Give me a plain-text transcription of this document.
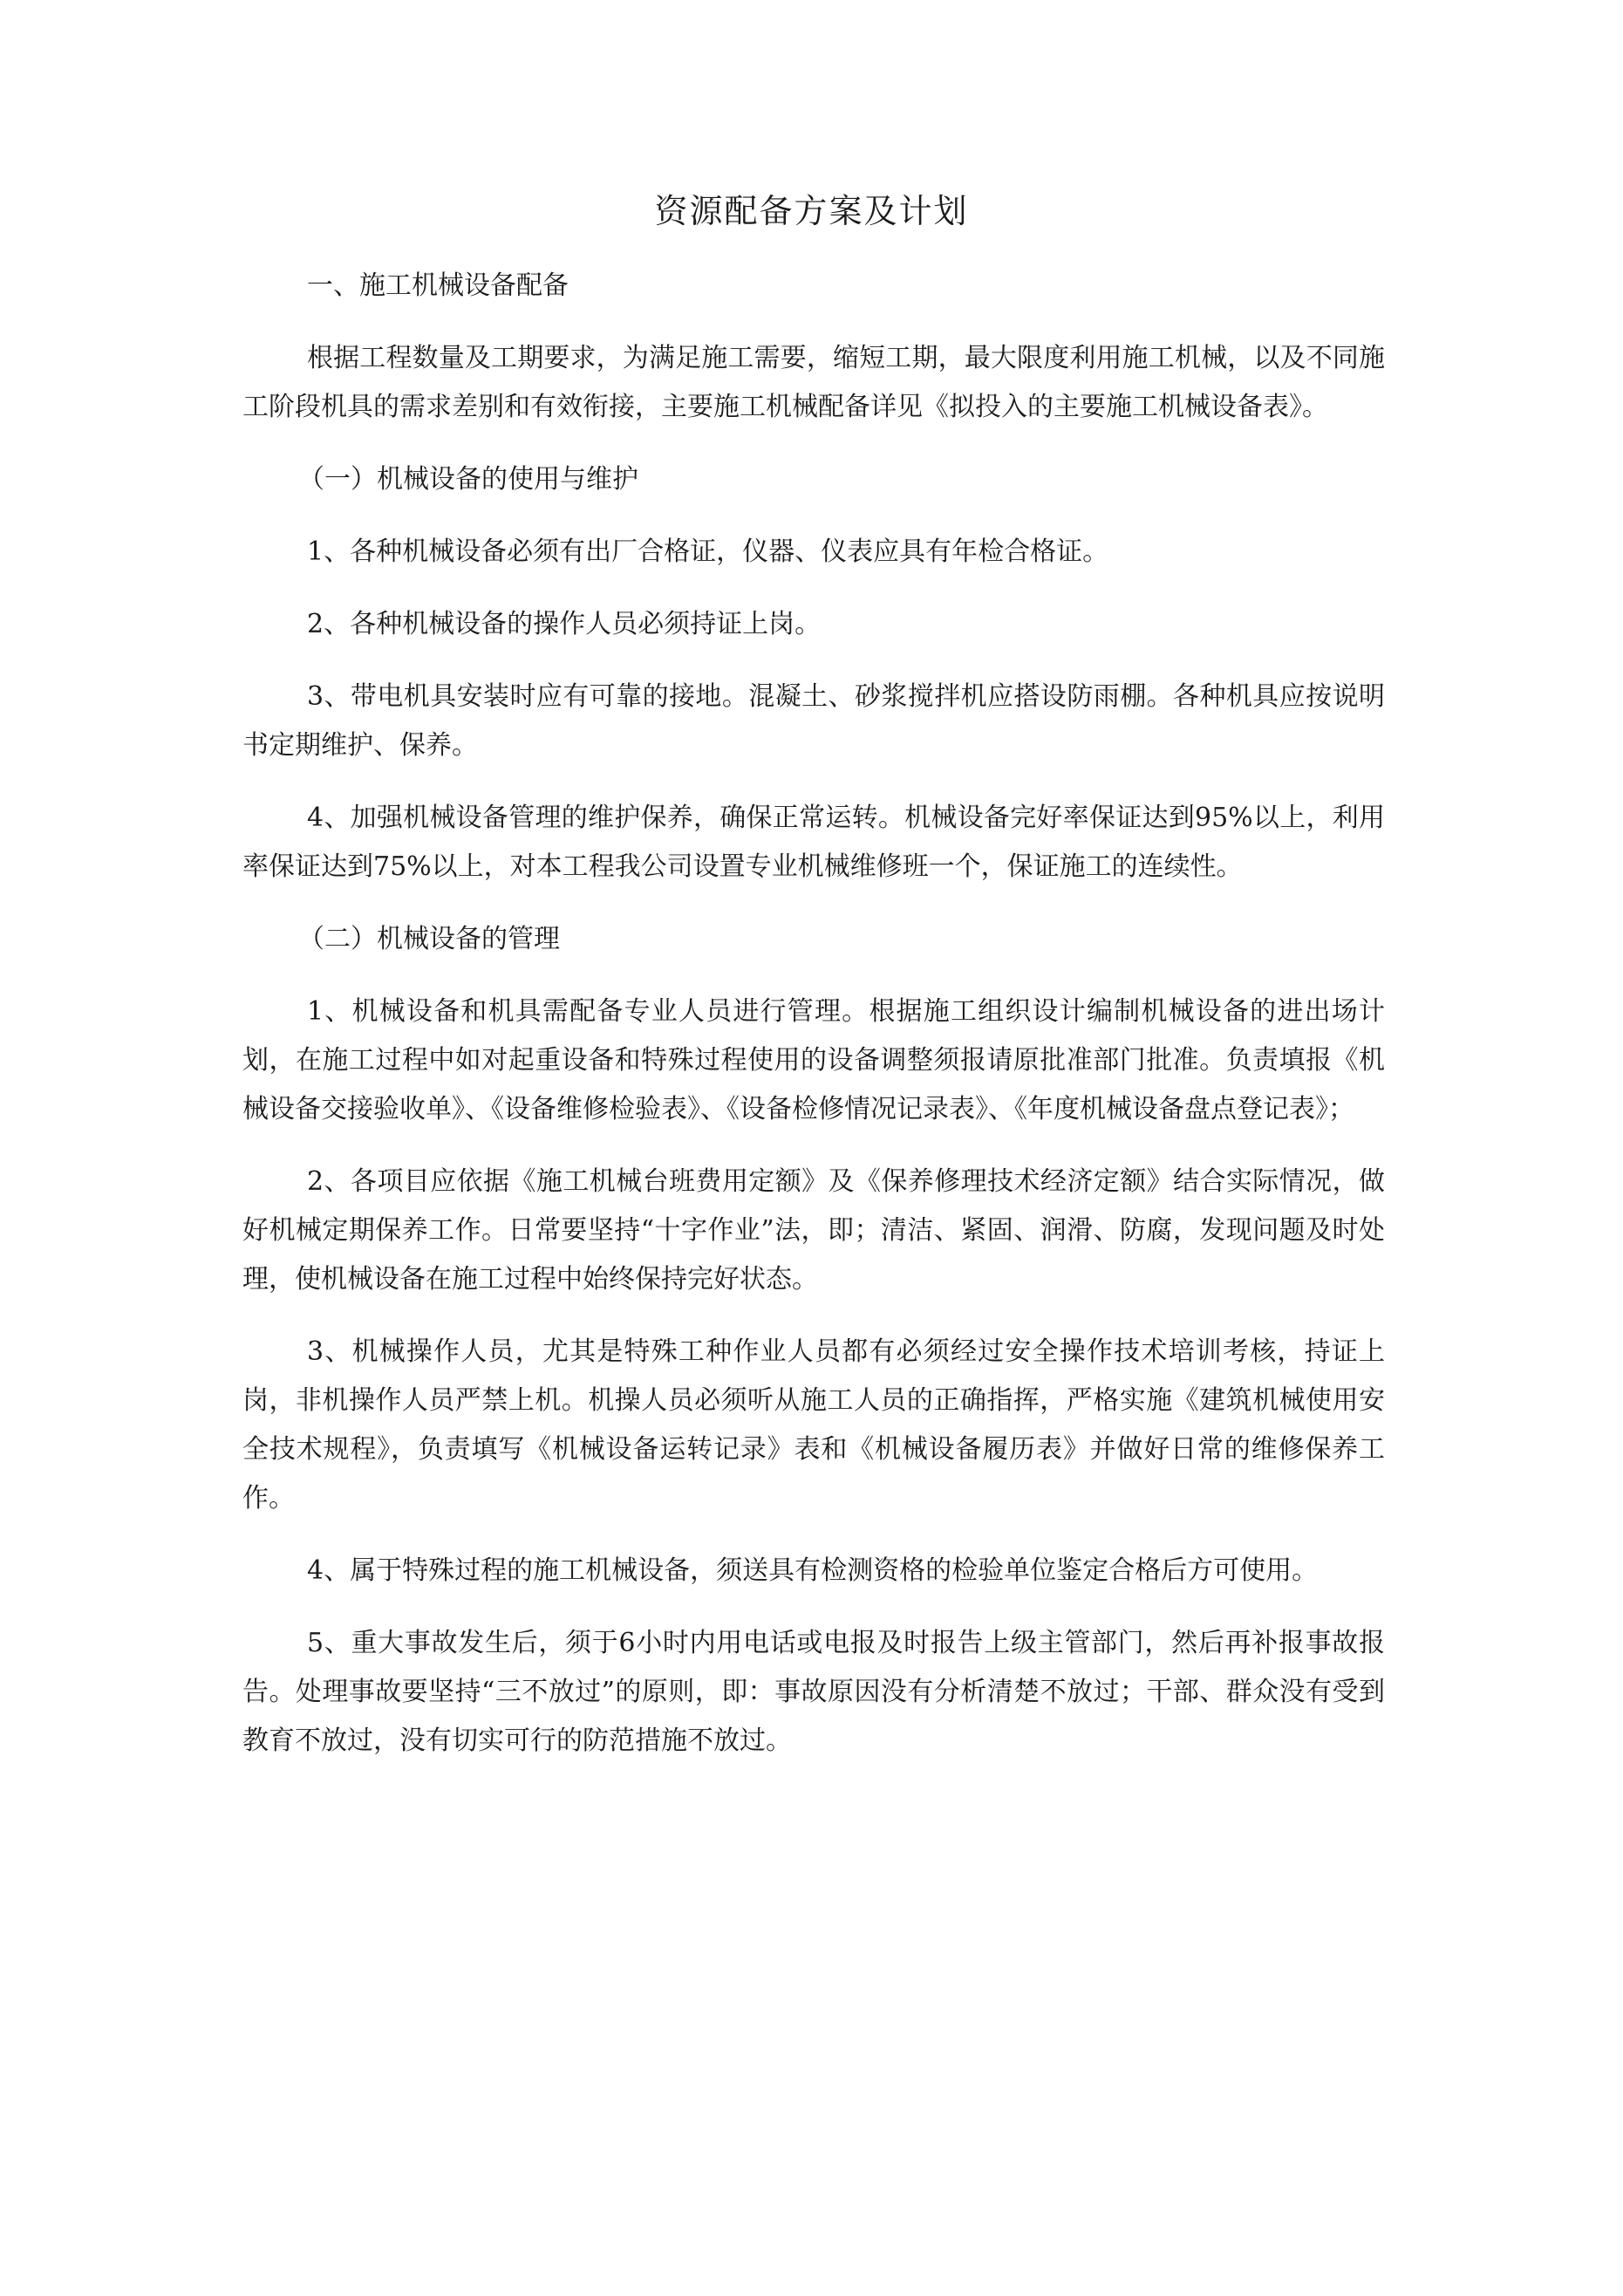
资源配备方案及计划

一、施工机械设备配备

根据工程数量及工期要求，为满足施工需要，缩短工期，最大限度利用施工机械，以及不同施工阶段机具的需求差别和有效衔接，主要施工机械配备详见《拟投入的主要施工机械设备表》。

（一）机械设备的使用与维护

1、各种机械设备必须有出厂合格证，仪器、仪表应具有年检合格证。

2、各种机械设备的操作人员必须持证上岗。

3、带电机具安装时应有可靠的接地。混凝土、砂浆搅拌机应搭设防雨棚。各种机具应按说明书定期维护、保养。

4、加强机械设备管理的维护保养，确保正常运转。机械设备完好率保证达到95%以上，利用率保证达到75%以上，对本工程我公司设置专业机械维修班一个，保证施工的连续性。

（二）机械设备的管理

1、机械设备和机具需配备专业人员进行管理。根据施工组织设计编制机械设备的进出场计划，在施工过程中如对起重设备和特殊过程使用的设备调整须报请原批准部门批准。负责填报《机械设备交接验收单》、《设备维修检验表》、《设备检修情况记录表》、《年度机械设备盘点登记表》；

2、各项目应依据《施工机械台班费用定额》及《保养修理技术经济定额》结合实际情况，做好机械定期保养工作。日常要坚持“十字作业”法，即；清洁、紧固、润滑、防腐，发现问题及时处理，使机械设备在施工过程中始终保持完好状态。

3、机械操作人员，尤其是特殊工种作业人员都有必须经过安全操作技术培训考核，持证上岗，非机操作人员严禁上机。机操人员必须听从施工人员的正确指挥，严格实施《建筑机械使用安全技术规程》，负责填写《机械设备运转记录》表和《机械设备履历表》并做好日常的维修保养工作。

4、属于特殊过程的施工机械设备，须送具有检测资格的检验单位鉴定合格后方可使用。

5、重大事故发生后，须于6小时内用电话或电报及时报告上级主管部门，然后再补报事故报告。处理事故要坚持“三不放过”的原则，即：事故原因没有分析清楚不放过；干部、群众没有受到教育不放过，没有切实可行的防范措施不放过。
